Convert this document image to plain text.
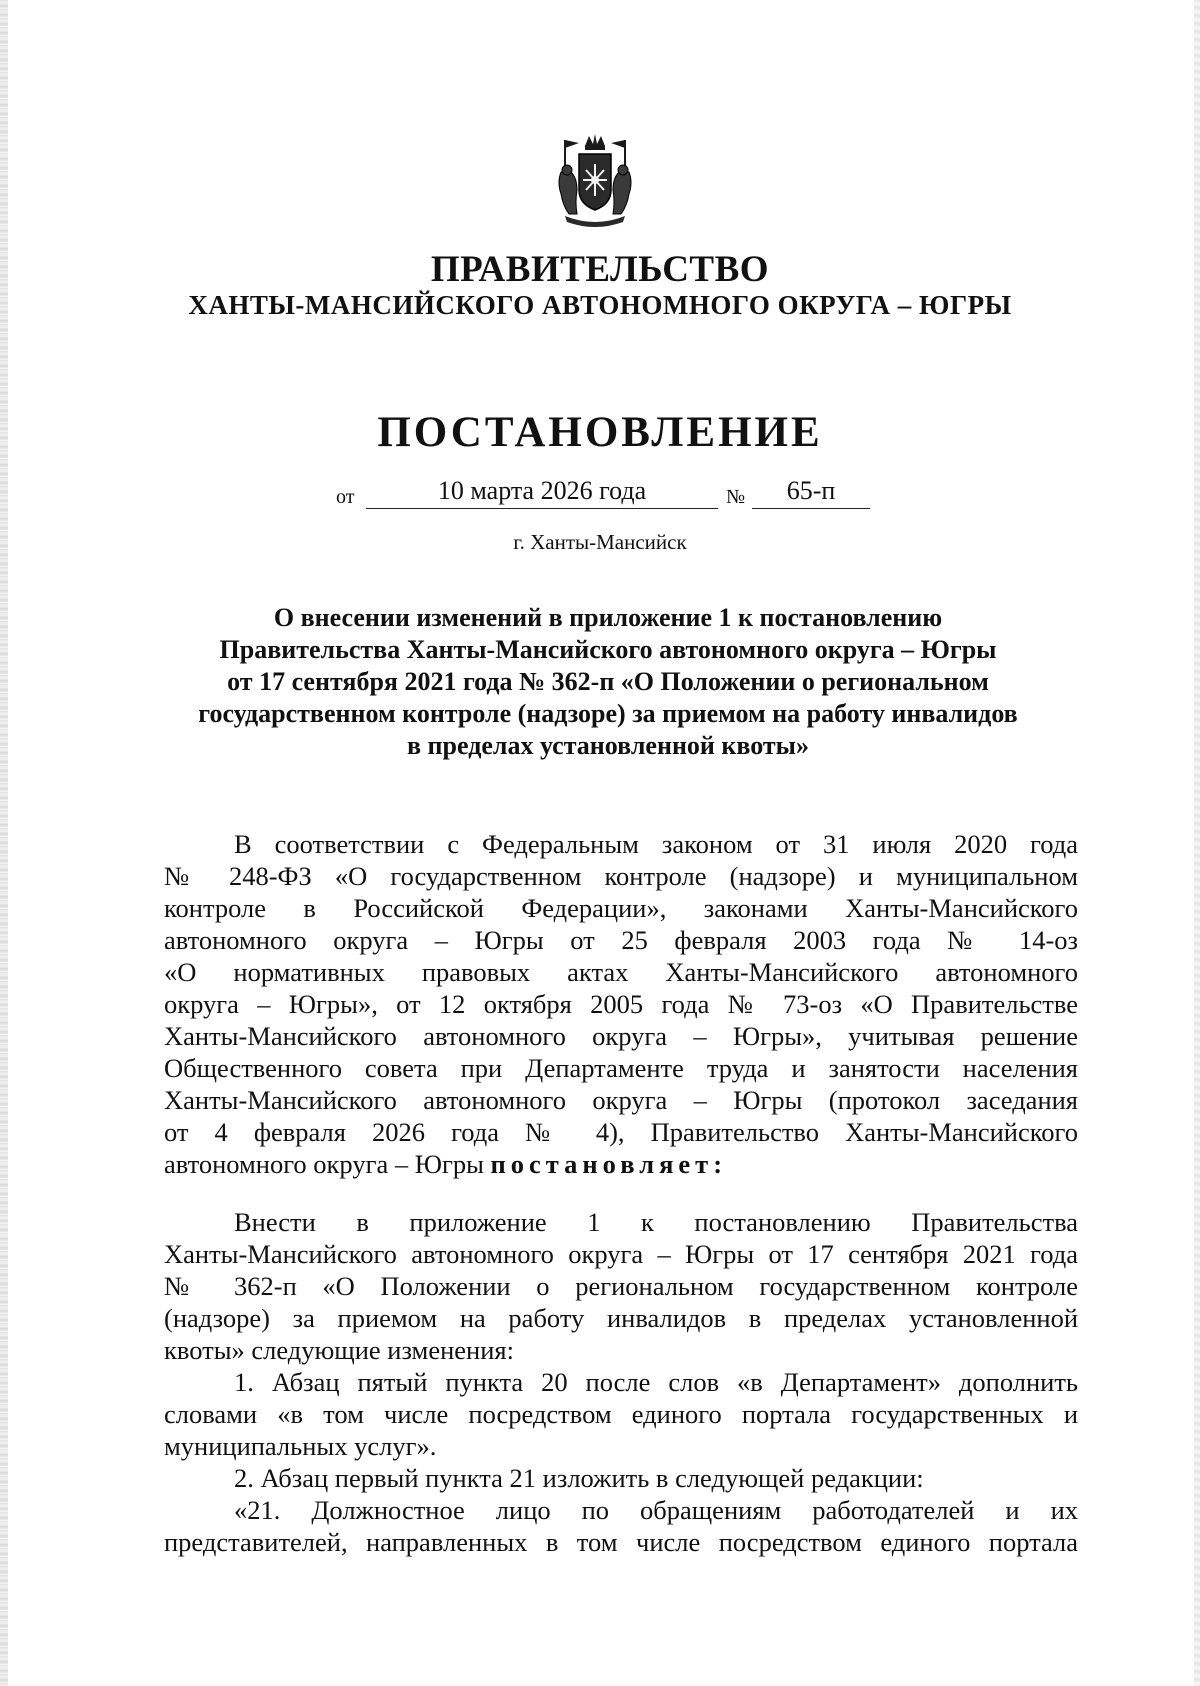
ПРАВИТЕЛЬСТВО
ХАНТЫ-МАНСИЙСКОГО АВТОНОМНОГО ОКРУГА – ЮГРЫ
ПОСТАНОВЛЕНИЕ
от	10 марта 2026 года	№	65-п
г. Ханты-Мансийск
О внесении изменений в приложение 1 к постановлению
Правительства Ханты-Мансийского автономного округа – Югры
от 17 сентября 2021 года № 362-п «О Положении о региональном
государственном контроле (надзоре) за приемом на работу инвалидов
в пределах установленной квоты»
В соответствии с Федеральным законом от 31 июля 2020 года
№ 248-ФЗ «О государственном контроле (надзоре) и муниципальном
контроле в Российской Федерации», законами Ханты-Мансийского
автономного округа – Югры от 25 февраля 2003 года № 14-оз
«О нормативных правовых актах Ханты-Мансийского автономного
округа – Югры», от 12 октября 2005 года № 73-оз «О Правительстве
Ханты-Мансийского автономного округа – Югры», учитывая решение
Общественного совета при Департаменте труда и занятости населения
Ханты-Мансийского автономного округа – Югры (протокол заседания
от 4 февраля 2026 года № 4), Правительство Ханты-Мансийского
автономного округа – Югры постановляет:
Внести в приложение 1 к постановлению Правительства
Ханты-Мансийского автономного округа – Югры от 17 сентября 2021 года
№ 362-п «О Положении о региональном государственном контроле
(надзоре) за приемом на работу инвалидов в пределах установленной
квоты» следующие изменения:
1. Абзац пятый пункта 20 после слов «в Департамент» дополнить
словами «в том числе посредством единого портала государственных и
муниципальных услуг».
2. Абзац первый пункта 21 изложить в следующей редакции:
«21. Должностное лицо по обращениям работодателей и их
представителей, направленных в том числе посредством единого портала
